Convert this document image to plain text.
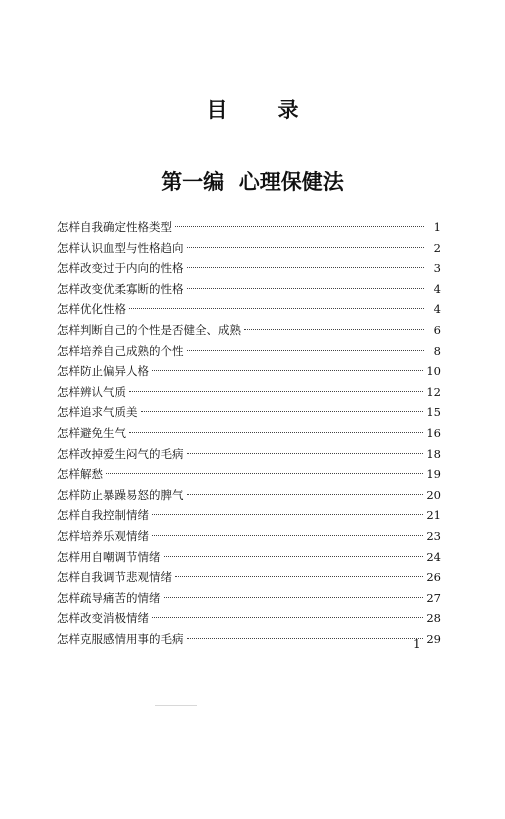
目录
第一编  心理保健法
怎样自我确定性格类型	1
怎样认识血型与性格趋向	2
怎样改变过于内向的性格	3
怎样改变优柔寡断的性格	4
怎样优化性格	4
怎样判断自己的个性是否健全、成熟	6
怎样培养自己成熟的个性	8
怎样防止偏异人格	10
怎样辨认气质	12
怎样追求气质美	15
怎样避免生气	16
怎样改掉爱生闷气的毛病	18
怎样解愁	19
怎样防止暴躁易怒的脾气	20
怎样自我控制情绪	21
怎样培养乐观情绪	23
怎样用自嘲调节情绪	24
怎样自我调节悲观情绪	26
怎样疏导痛苦的情绪	27
怎样改变消极情绪	28
怎样克服感情用事的毛病	29
1
